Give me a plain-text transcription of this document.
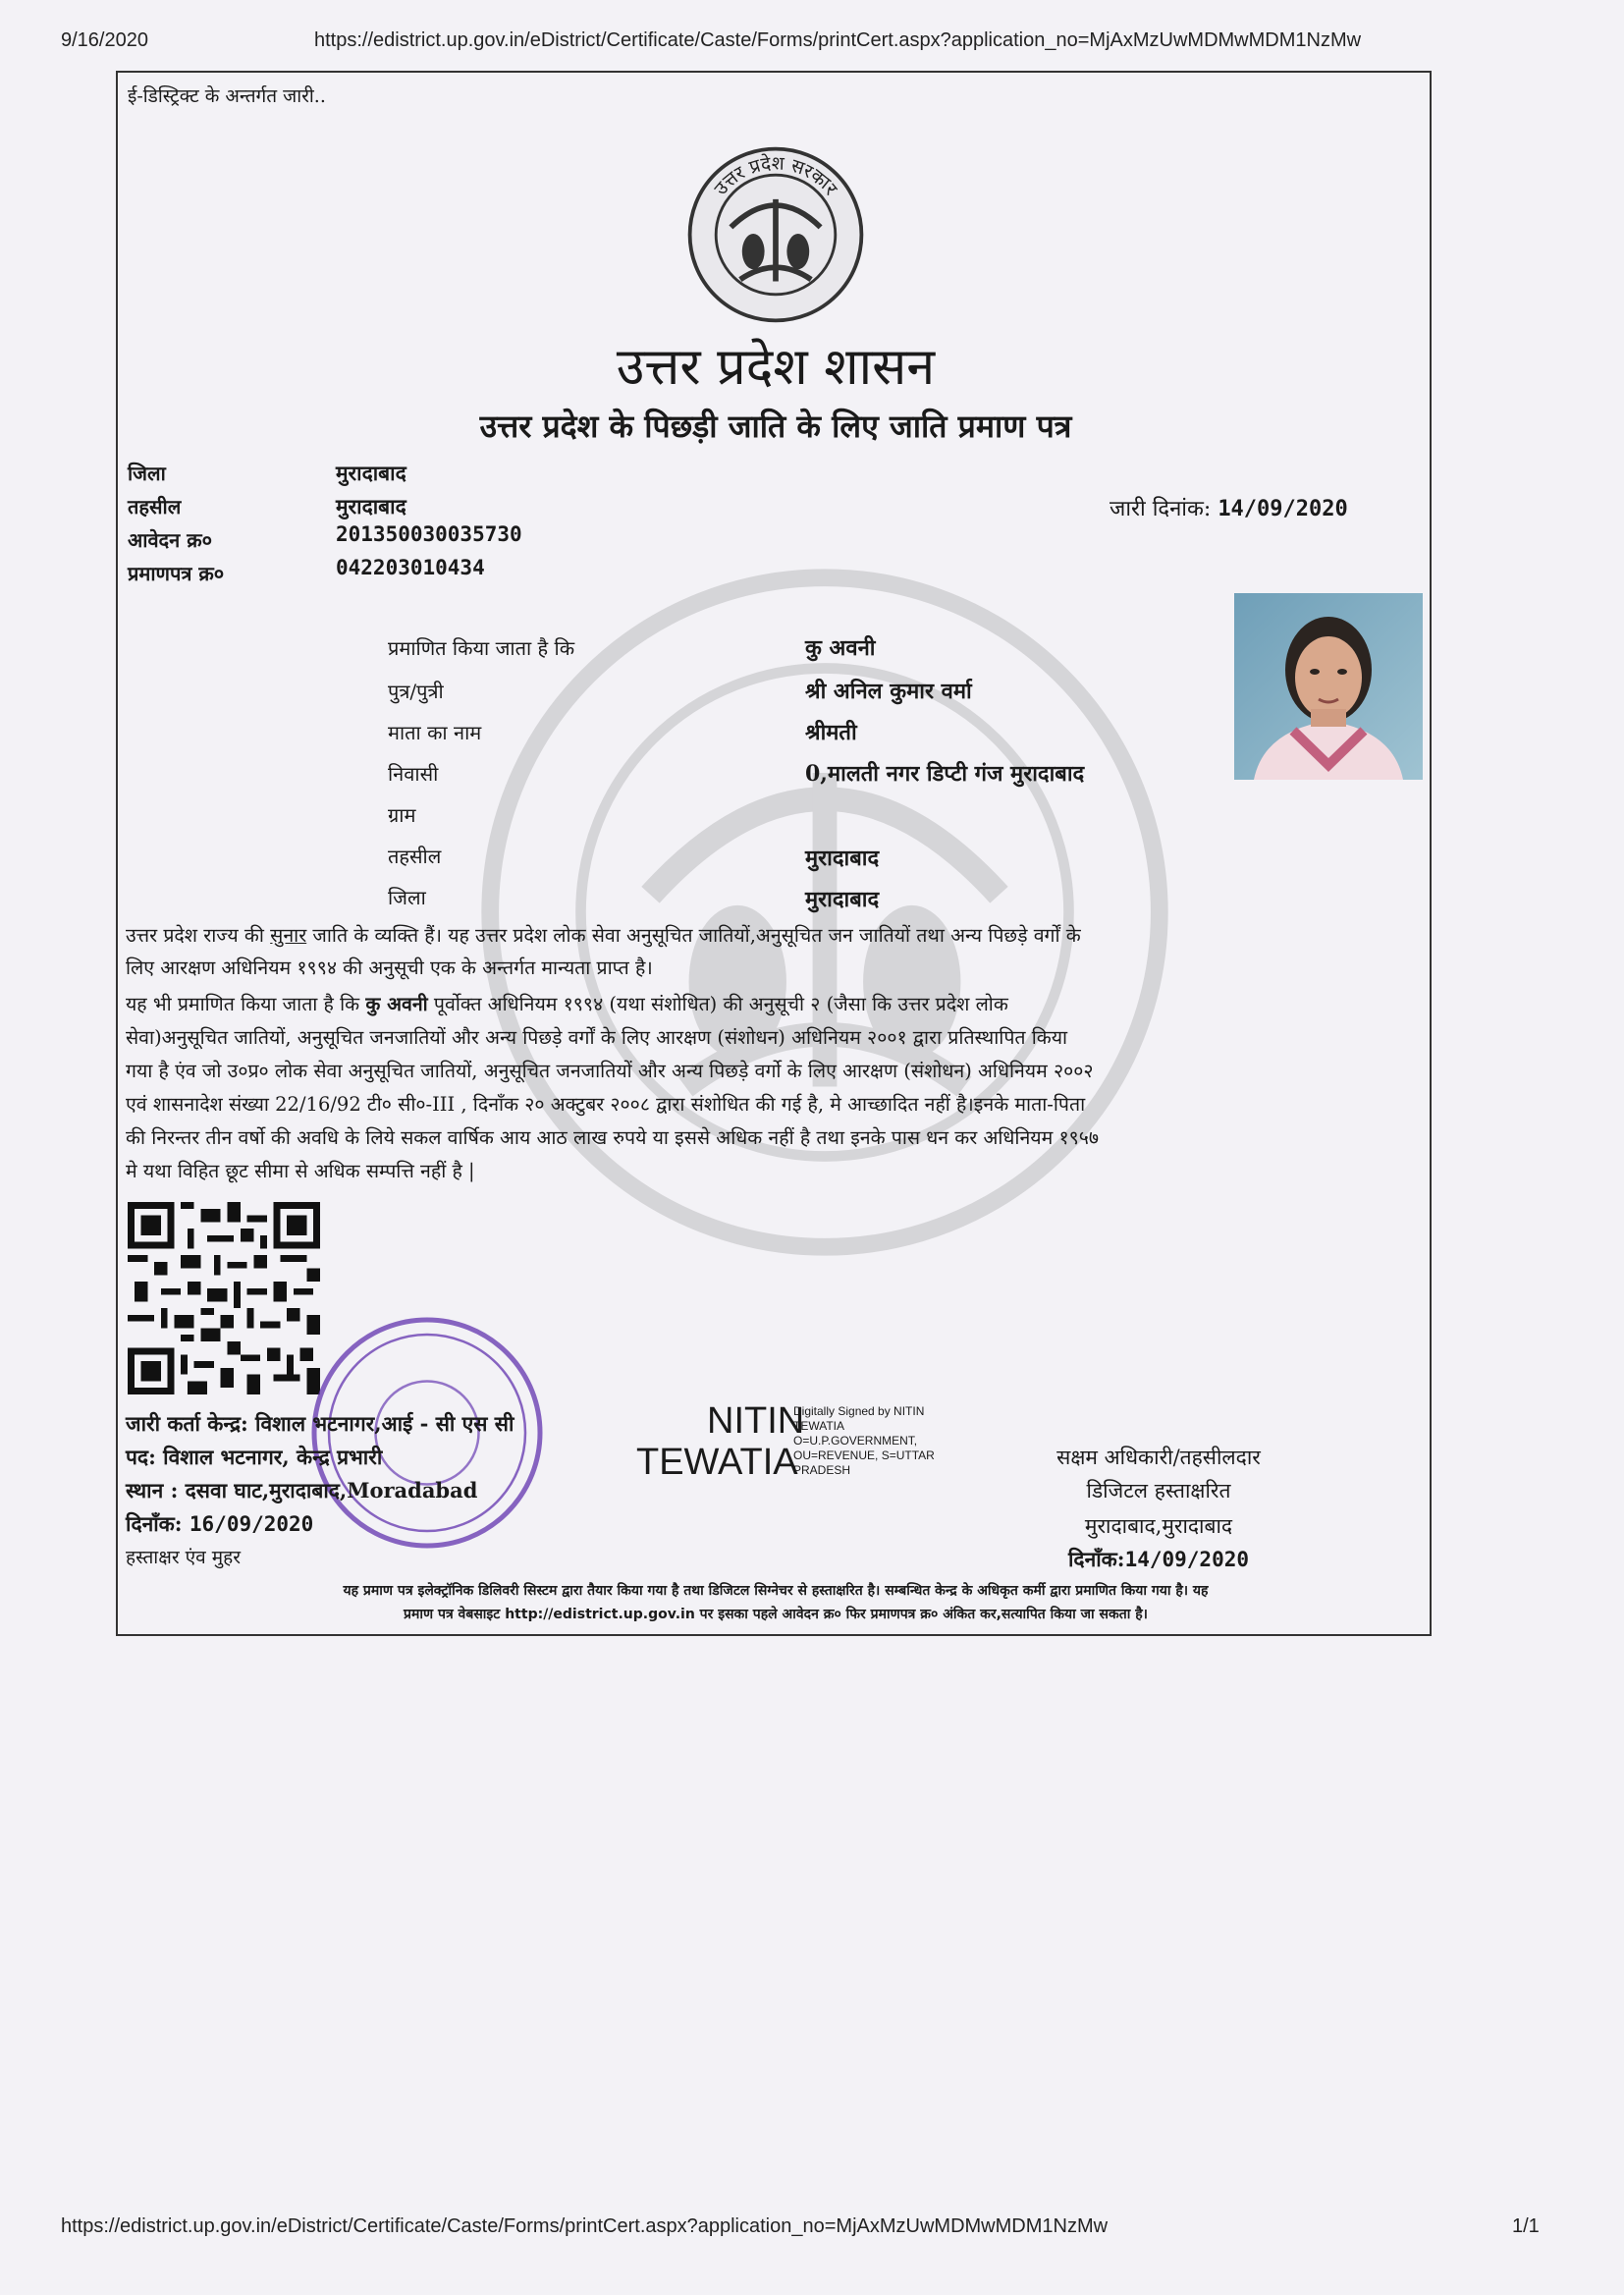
9/16/2020	https://edistrict.up.gov.in/eDistrict/Certificate/Caste/Forms/printCert.aspx?application_no=MjAxMzUwMDMwMDM1NzMw
ई-डिस्ट्रिक्ट के अन्तर्गत जारी..
उत्तर प्रदेश सरकार
उत्तर प्रदेश शासन
उत्तर प्रदेश के पिछड़ी जाति के लिए जाति प्रमाण पत्र
जिला	मुरादाबाद
तहसील	मुरादाबाद
आवेदन क्र०	201350030035730
प्रमाणपत्र क्र०	042203010434
जारी दिनांक: 14/09/2020
प्रमाणित किया जाता है कि	कु अवनी
पुत्र/पुत्री	श्री अनिल कुमार वर्मा
माता का नाम	श्रीमती
निवासी	0,मालती नगर डिप्टी गंज मुरादाबाद
ग्राम
तहसील	मुरादाबाद
जिला	मुरादाबाद
उत्तर प्रदेश राज्य की सुनार जाति के व्यक्ति हैं। यह उत्तर प्रदेश लोक सेवा अनुसूचित जातियों,अनुसूचित जन जातियों तथा अन्य पिछड़े वर्गों के
लिए आरक्षण अधिनियम १९९४ की अनुसूची एक के अन्तर्गत मान्यता प्राप्त है।
यह भी प्रमाणित किया जाता है कि कु अवनी पूर्वोक्त अधिनियम १९९४ (यथा संशोधित) की अनुसूची २ (जैसा कि उत्तर प्रदेश लोक
सेवा)अनुसूचित जातियों, अनुसूचित जनजातियों और अन्य पिछड़े वर्गों के लिए आरक्षण (संशोधन) अधिनियम २००१ द्वारा प्रतिस्थापित किया
गया है एंव जो उ०प्र० लोक सेवा अनुसूचित जातियों, अनुसूचित जनजातियों और अन्य पिछड़े वर्गो के लिए आरक्षण (संशोधन) अधिनियम २००२
एवं शासनादेश संख्या 22/16/92 टी० सी०-III , दिनाँक २० अक्टुबर २००८ द्वारा संशोधित की गई है, मे आच्छादित नहीं है।इनके माता-पिता
की निरन्तर तीन वर्षो की अवधि के लिये सकल वार्षिक आय आठ लाख रुपये या इससे अधिक नहीं है तथा इनके पास धन कर अधिनियम १९५७
मे यथा विहित छूट सीमा से अधिक सम्पत्ति नहीं है |
जारी कर्ता केन्द्र: विशाल भटनागर,आई - सी एस सी
पद: विशाल भटनागर, केन्द्र प्रभारी
स्थान : दसवा घाट,मुरादाबाद,Moradabad
दिनाँक: 16/09/2020
हस्ताक्षर एंव मुहर
NITIN
TEWATIA
Digitally Signed by NITIN
TEWATIA
O=U.P.GOVERNMENT,
OU=REVENUE, S=UTTAR
PRADESH
सक्षम अधिकारी/तहसीलदार
डिजिटल हस्ताक्षरित
मुरादाबाद,मुरादाबाद
दिनाँक:14/09/2020
यह प्रमाण पत्र इलेक्ट्रॉनिक डिलिवरी सिस्टम द्वारा तैयार किया गया है तथा डिजिटल सिग्नेचर से हस्ताक्षरित है। सम्बन्धित केन्द्र के अधिकृत कर्मी द्वारा प्रमाणित किया गया है। यह
प्रमाण पत्र वेबसाइट http://edistrict.up.gov.in पर इसका पहले आवेदन क्र० फिर प्रमाणपत्र क्र० अंकित कर,सत्यापित किया जा सकता है।
https://edistrict.up.gov.in/eDistrict/Certificate/Caste/Forms/printCert.aspx?application_no=MjAxMzUwMDMwMDM1NzMw	1/1
